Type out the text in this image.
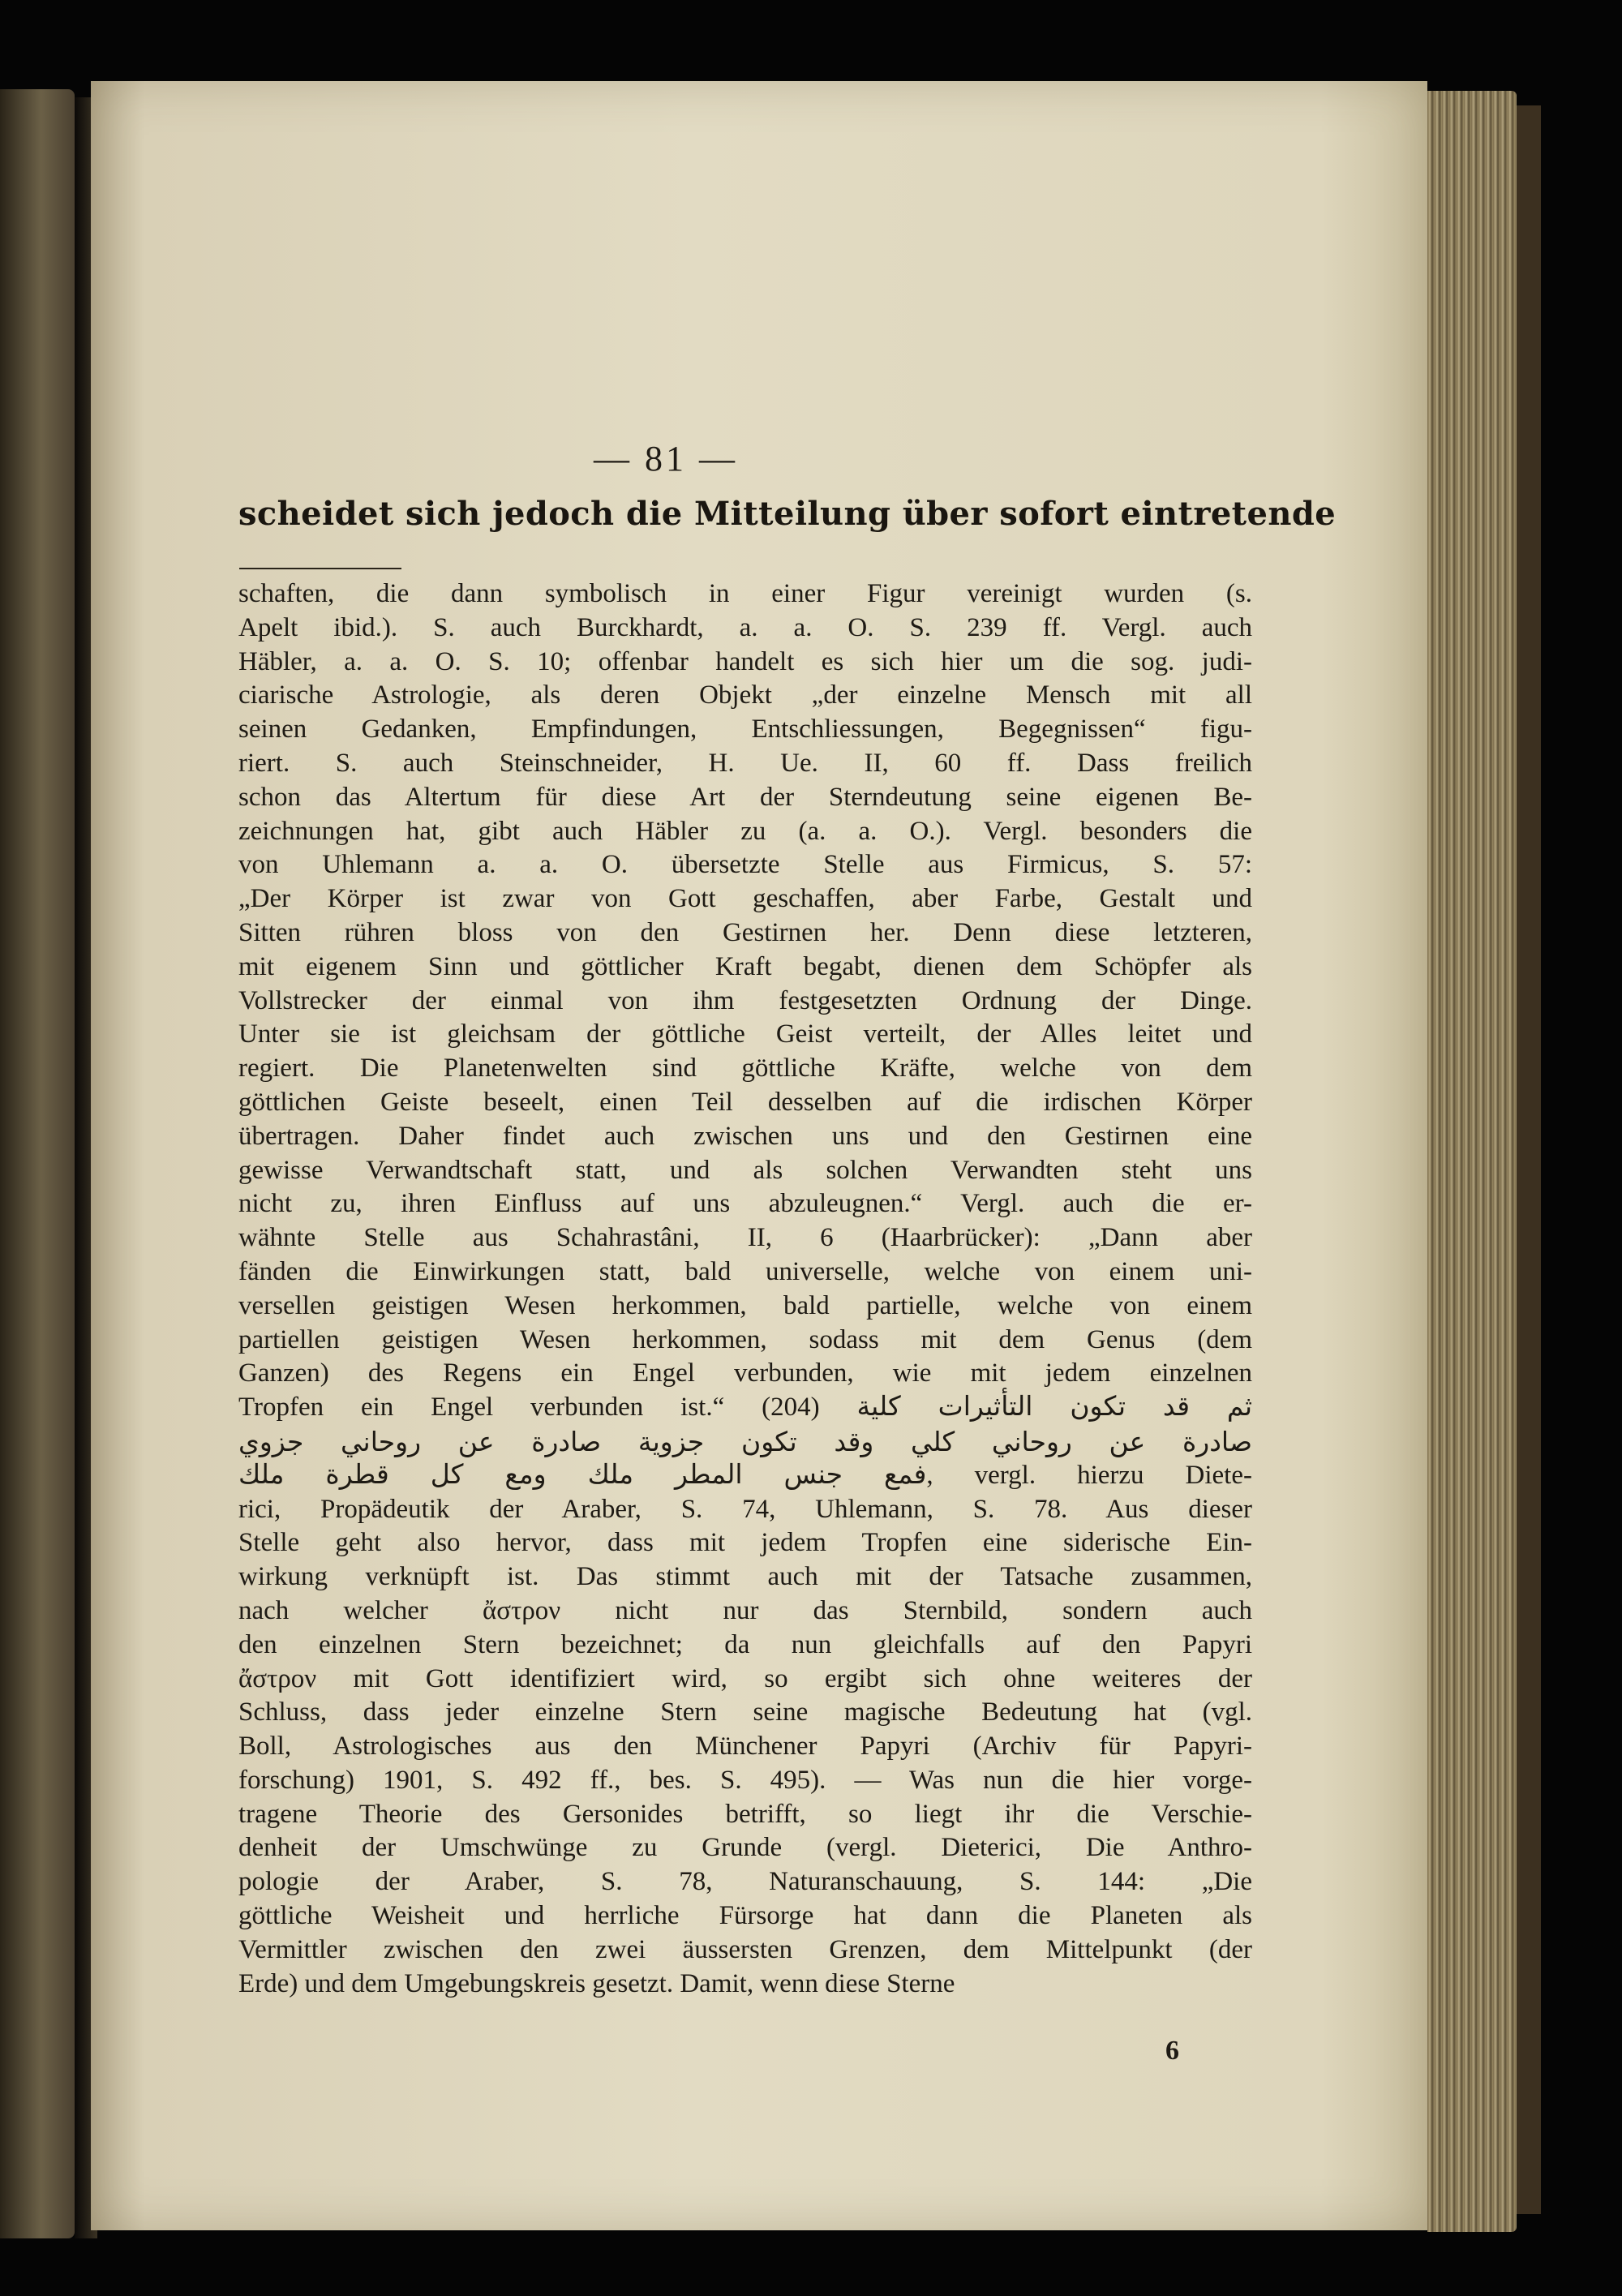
— 81 —
scheidet sich jedoch die Mitteilung über sofort eintretende
schaften, die dann symbolisch in einer Figur vereinigt wurden (s.
Apelt ibid.). S. auch Burckhardt, a. a. O. S. 239 ff. Vergl. auch
Häbler, a. a. O. S. 10; offenbar handelt es sich hier um die sog. judi-
ciarische Astrologie, als deren Objekt „der einzelne Mensch mit all
seinen Gedanken, Empfindungen, Entschliessungen, Begegnissen“ figu-
riert. S. auch Steinschneider, H. Ue. II, 60 ff. Dass freilich
schon das Altertum für diese Art der Sterndeutung seine eigenen Be-
zeichnungen hat, gibt auch Häbler zu (a. a. O.). Vergl. besonders die
von Uhlemann a. a. O. übersetzte Stelle aus Firmicus, S. 57:
„Der Körper ist zwar von Gott geschaffen, aber Farbe, Gestalt und
Sitten rühren bloss von den Gestirnen her. Denn diese letzteren,
mit eigenem Sinn und göttlicher Kraft begabt, dienen dem Schöpfer als
Vollstrecker der einmal von ihm festgesetzten Ordnung der Dinge.
Unter sie ist gleichsam der göttliche Geist verteilt, der Alles leitet und
regiert. Die Planetenwelten sind göttliche Kräfte, welche von dem
göttlichen Geiste beseelt, einen Teil desselben auf die irdischen Körper
übertragen. Daher findet auch zwischen uns und den Gestirnen eine
gewisse Verwandtschaft statt, und als solchen Verwandten steht uns
nicht zu, ihren Einfluss auf uns abzuleugnen.“ Vergl. auch die er-
wähnte Stelle aus Schahrastâni, II, 6 (Haarbrücker): „Dann aber
fänden die Einwirkungen statt, bald universelle, welche von einem uni-
versellen geistigen Wesen herkommen, bald partielle, welche von einem
partiellen geistigen Wesen herkommen, sodass mit dem Genus (dem
Ganzen) des Regens ein Engel verbunden, wie mit jedem einzelnen
Tropfen ein Engel verbunden ist.“ ثم قد تكون التأثيرات كلية (204)
صادرة عن روحاني كلي وقد تكون جزوية صادرة عن روحاني جزوي
فمع جنس المطر ملك ومع كل قطرة ملك, vergl. hierzu Diete-
rici, Propädeutik der Araber, S. 74, Uhlemann, S. 78. Aus dieser
Stelle geht also hervor, dass mit jedem Tropfen eine siderische Ein-
wirkung verknüpft ist. Das stimmt auch mit der Tatsache zusammen,
nach welcher ἄστρον nicht nur das Sternbild, sondern auch
den einzelnen Stern bezeichnet; da nun gleichfalls auf den Papyri
ἄστρον mit Gott identifiziert wird, so ergibt sich ohne weiteres der
Schluss, dass jeder einzelne Stern seine magische Bedeutung hat (vgl.
Boll, Astrologisches aus den Münchener Papyri (Archiv für Papyri-
forschung) 1901, S. 492 ff., bes. S. 495). — Was nun die hier vorge-
tragene Theorie des Gersonides betrifft, so liegt ihr die Verschie-
denheit der Umschwünge zu Grunde (vergl. Dieterici, Die Anthro-
pologie der Araber, S. 78, Naturanschauung, S. 144: „Die
göttliche Weisheit und herrliche Fürsorge hat dann die Planeten als
Vermittler zwischen den zwei äussersten Grenzen, dem Mittelpunkt (der
Erde) und dem Umgebungskreis gesetzt. Damit, wenn diese Sterne
6
